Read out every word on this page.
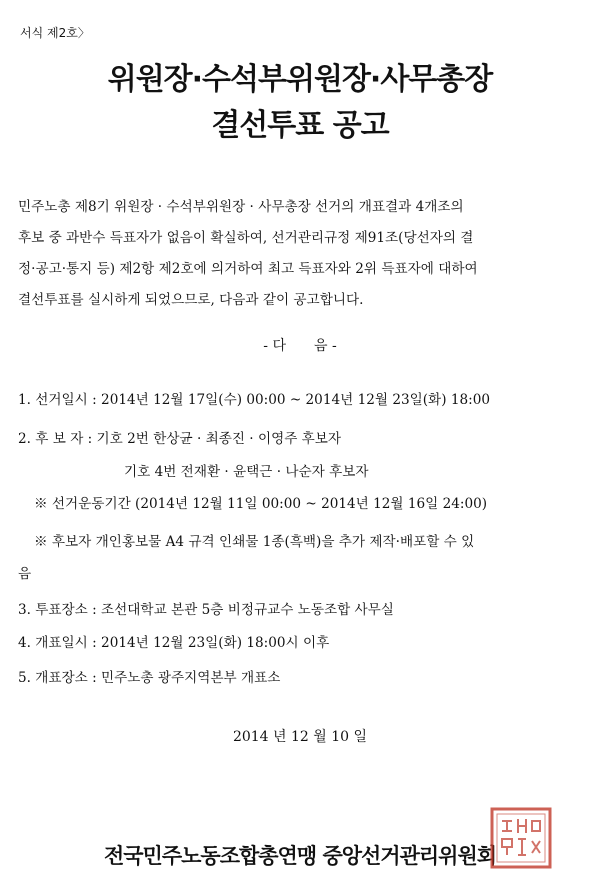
서식 제2호〉
위원장·수석부위원장·사무총장
결선투표 공고
민주노총 제8기 위원장 · 수석부위원장 · 사무총장 선거의 개표결과 4개조의
후보 중 과반수 득표자가 없음이 확실하여, 선거관리규정 제91조(당선자의 결
정·공고·통지 등) 제2항 제2호에 의거하여 최고 득표자와 2위 득표자에 대하여
결선투표를 실시하게 되었으므로, 다음과 같이 공고합니다.
- 다　　음 -
1. 선거일시 : 2014년 12월 17일(수) 00:00 ~ 2014년 12월 23일(화) 18:00
2. 후 보 자 : 기호 2번 한상균 · 최종진 · 이영주 후보자
기호 4번 전재환 · 윤택근 · 나순자 후보자
※ 선거운동기간 (2014년 12월 11일 00:00 ~ 2014년 12월 16일 24:00)
※ 후보자 개인홍보물 A4 규격 인쇄물 1종(흑백)을 추가 제작·배포할 수 있
음
3. 투표장소 : 조선대학교 본관 5층 비정규교수 노동조합 사무실
4. 개표일시 : 2014년 12월 23일(화) 18:00시 이후
5. 개표장소 : 민주노총 광주지역본부 개표소
2014 년 12 월 10 일
전국민주노동조합총연맹 중앙선거관리위원회
